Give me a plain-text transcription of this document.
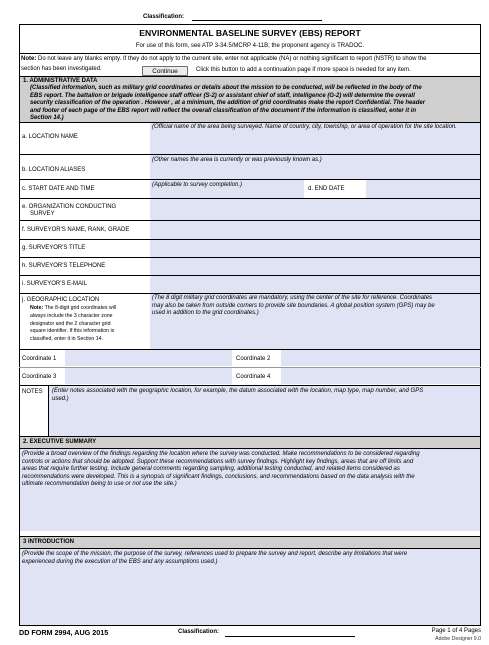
Classification:
ENVIRONMENTAL BASELINE SURVEY (EBS) REPORT
For use of this form, see ATP 3-34.5/MCRP 4-11B; the proponent agency is TRADOC.
Note: Do not leave any blanks empty. If they do not apply to the current site, enter not applicable (NA) or nothing significant to report (NSTR) to show the
section has been investigated.	Continue	Click this button to add a continuation page if more space is needed for any item.
1. ADMINISTRATIVE DATA
(Classified information, such as military grid coordinates or details about the mission to be conducted, will be reflected in the body of the
EBS report. The battalion or brigade intelligence staff officer (S-2) or assistant chief of staff, intelligence (G-2) will determine the overall
security classification of the operation . However , at a minimum, the addition of grid coordinates make the report Confidential. The header
and footer of each page of the EBS report will reflect the overall classification of the document If the information is classified, enter it in
Section 14.)
a. LOCATION NAME
(Official name of the area being surveyed. Name of country, city, township, or area of operation for the site location.
b. LOCATION ALIASES
(Other names the area is currently or was previously known as.)
c. START DATE AND TIME
(Applicable to survey completion.)
d. END DATE
e. ORGANIZATION CONDUCTING
SURVEY
f. SURVEYOR'S NAME, RANK, GRADE
g. SURVEYOR'S TITLE
h. SURVEYOR'S TELEPHONE
i. SURVEYOR'S E-MAIL
j. GEOGRAPHIC LOCATION
Note: The 8-digit grid coordinates will
always include the 3 character zone
designator and the 2 character grid
square identifier. If this information is
classified, enter it in Section 14.
(The 8 digit military grid coordinates are mandatory, using the center of the site for reference. Coordinates
may also be taken from outside corners to provide site boundaries. A global position system (GPS) may be
used in addition to the grid coordinates.)
Coordinate 1	Coordinate 2
Coordinate 3	Coordinate 4
NOTES (Enter notes associated with the geographic location, for example, the datum associated with the location, map type, map number, and GPS
used.)
2. EXECUTIVE SUMMARY
(Provide a broad overview of the findings regarding the location where the survey was conducted. Make recommendations to be considered regarding
controls or actions that should be adopted. Support these recommendations with survey findings. Highlight key findings, areas that are off limits and
areas that require further testing. Include general comments regarding sampling, additional testing conducted, and related items considered as
recommendations were developed. This is a synopsis of significant findings, conclusions, and recommendations based on the data analysis with the
ultimate recommendation being to use or not use the site.)
3 INTRODUCTION
(Provide the scope of the mission, the purpose of the survey, references used to prepare the survey and report, describe any limitations that were
experienced during the execution of the EBS and any assumptions used.)
DD FORM 2994, AUG 2015	Classification:	Page 1 of 4 Pages
Adobe Designer 9.0
